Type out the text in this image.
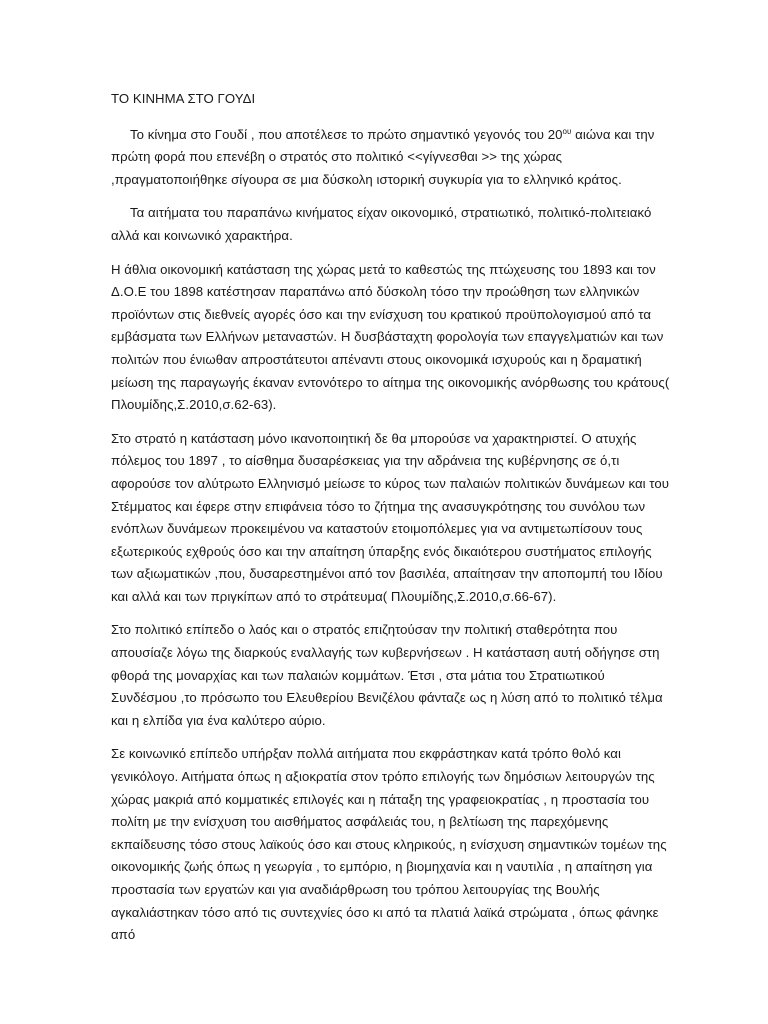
ΤΟ ΚΙΝΗΜΑ ΣΤΟ ΓΟΥΔΙ

Το κίνημα στο Γουδί , που αποτέλεσε το πρώτο σημαντικό γεγονός του $20^{o\upsilon}$ αιώνα και την πρώτη φορά που επενέβη ο στρατός στο πολιτικό <<γίγνεσθαι >> της χώρας ,πραγματοποιήθηκε σίγουρα σε μια δύσκολη ιστορική συγκυρία για το ελληνικό κράτος.

Τα αιτήματα του παραπάνω κινήματος είχαν οικονομικό, στρατιωτικό, πολιτικό-πολιτειακό αλλά και κοινωνικό χαρακτήρα.

Η άθλια οικονομική κατάσταση της χώρας μετά το καθεστώς της πτώχευσης του 1893 και τον Δ.Ο.Ε του 1898 κατέστησαν παραπάνω από δύσκολη τόσο την προώθηση των ελληνικών προϊόντων στις διεθνείς αγορές όσο και την ενίσχυση του κρατικού προϋπολογισμού από τα εμβάσματα των Ελλήνων μεταναστών. Η δυσβάσταχτη φορολογία των επαγγελματιών και των πολιτών που ένιωθαν απροστάτευτοι απέναντι στους οικονομικά ισχυρούς και η δραματική μείωση της παραγωγής έκαναν εντονότερο το αίτημα της οικονομικής ανόρθωσης του κράτους( Πλουμίδης,Σ.2010,σ.62-63).

Στο στρατό η κατάσταση μόνο ικανοποιητική δε θα μπορούσε να χαρακτηριστεί. Ο ατυχής πόλεμος του 1897 , το αίσθημα δυσαρέσκειας για την αδράνεια της κυβέρνησης σε ό,τι αφορούσε τον αλύτρωτο Ελληνισμό μείωσε το κύρος των παλαιών πολιτικών δυνάμεων και του Στέμματος και έφερε στην επιφάνεια τόσο το ζήτημα της ανασυγκρότησης του συνόλου των ενόπλων δυνάμεων προκειμένου να καταστούν ετοιμοπόλεμες για να αντιμετωπίσουν τους εξωτερικούς εχθρούς όσο και την απαίτηση ύπαρξης ενός δικαιότερου συστήματος επιλογής των αξιωματικών ,που, δυσαρεστημένοι από τον βασιλέα, απαίτησαν την αποπομπή του Ιδίου και αλλά και των πριγκίπων από το στράτευμα( Πλουμίδης,Σ.2010,σ.66-67).

Στο πολιτικό επίπεδο ο λαός και ο στρατός επιζητούσαν την πολιτική σταθερότητα που απουσίαζε λόγω της διαρκούς εναλλαγής των κυβερνήσεων . Η κατάσταση αυτή οδήγησε στη φθορά της μοναρχίας και των παλαιών κομμάτων. Έτσι , στα μάτια του Στρατιωτικού Συνδέσμου ,το πρόσωπο του Ελευθερίου Βενιζέλου φάνταζε ως η λύση από το πολιτικό τέλμα και η ελπίδα για ένα καλύτερο αύριο.

Σε κοινωνικό επίπεδο υπήρξαν πολλά αιτήματα που εκφράστηκαν κατά τρόπο θολό και γενικόλογο. Αιτήματα όπως η αξιοκρατία στον τρόπο επιλογής των δημόσιων λειτουργών της χώρας μακριά από κομματικές επιλογές και η πάταξη της γραφειοκρατίας , η προστασία του πολίτη με την ενίσχυση του αισθήματος ασφάλειάς του, η βελτίωση της παρεχόμενης εκπαίδευσης τόσο στους λαϊκούς όσο και στους κληρικούς, η ενίσχυση σημαντικών τομέων της οικονομικής ζωής όπως η γεωργία , το εμπόριο, η βιομηχανία και η ναυτιλία , η απαίτηση για προστασία των εργατών και για αναδιάρθρωση του τρόπου λειτουργίας της Βουλής αγκαλιάστηκαν τόσο από τις συντεχνίες όσο κι από τα πλατιά λαϊκά στρώματα , όπως φάνηκε από
